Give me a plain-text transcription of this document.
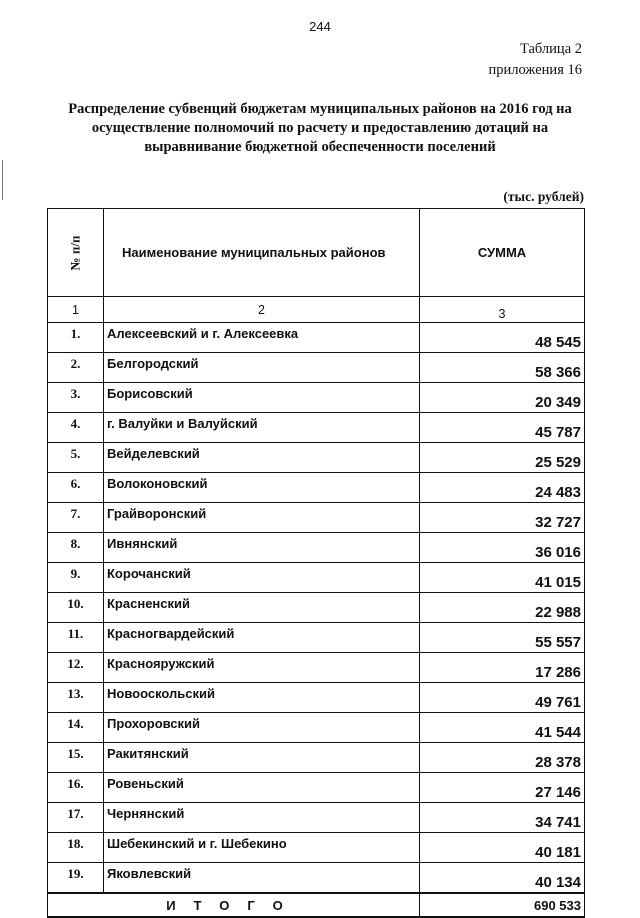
244
Таблица 2
приложения 16
Распределение субвенций бюджетам муниципальных районов на 2016 год на
осуществление полномочий по расчету и предоставлению дотаций на
выравнивание бюджетной обеспеченности поселений
(тыс. рублей)
№ п/п	Наименование муниципальных районов	СУММА
1	2	3
1.	Алексеевский и г. Алексеевка	48 545
2.	Белгородский	58 366
3.	Борисовский	20 349
4.	г. Валуйки и Валуйский	45 787
5.	Вейделевский	25 529
6.	Волоконовский	24 483
7.	Грайворонский	32 727
8.	Ивнянский	36 016
9.	Корочанский	41 015
10.	Красненский	22 988
11.	Красногвардейский	55 557
12.	Краснояружский	17 286
13.	Новооскольский	49 761
14.	Прохоровский	41 544
15.	Ракитянский	28 378
16.	Ровеньский	27 146
17.	Чернянский	34 741
18.	Шебекинский и г. Шебекино	40 181
19.	Яковлевский	40 134
ИТОГО		690 533
